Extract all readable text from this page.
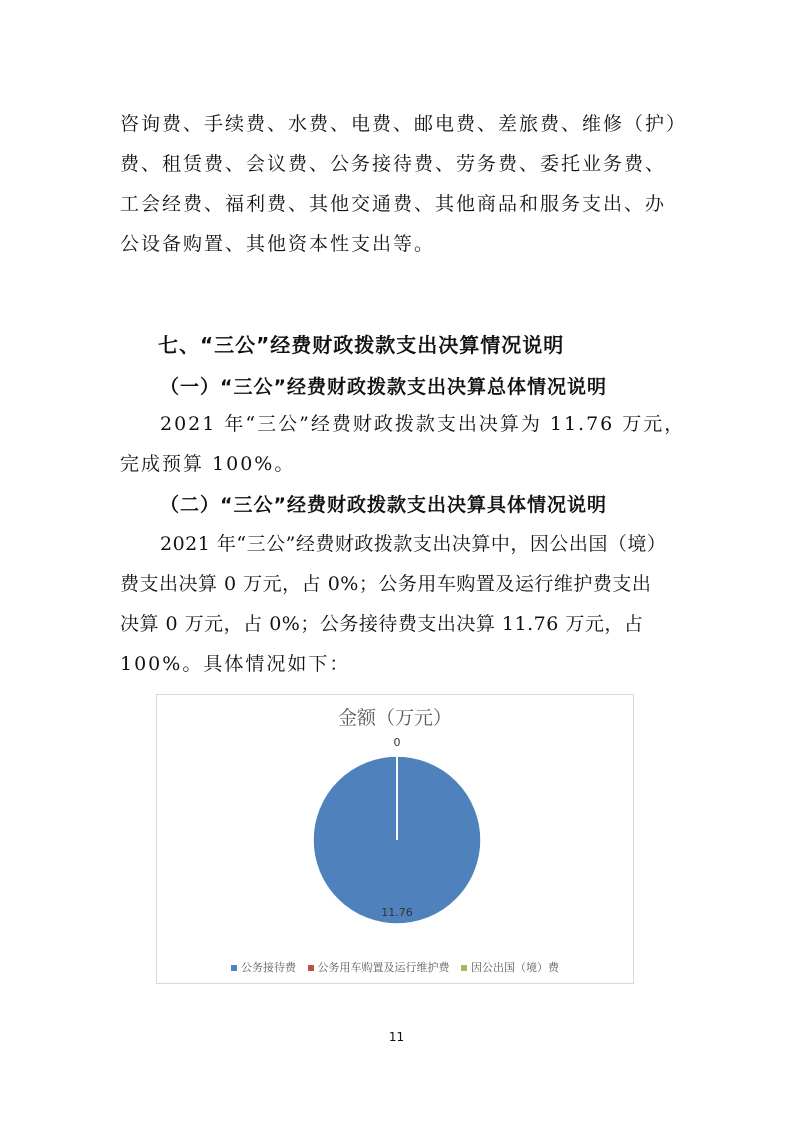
咨询费、手续费、水费、电费、邮电费、差旅费、维修（护）

费、租赁费、会议费、公务接待费、劳务费、委托业务费、

工会经费、福利费、其他交通费、其他商品和服务支出、办

公设备购置、其他资本性支出等。

七、“三公”经费财政拨款支出决算情况说明
（一）“三公”经费财政拨款支出决算总体情况说明

2021 年“三公”经费财政拨款支出决算为 11.76 万元，

完成预算 100%。

（二）“三公”经费财政拨款支出决算具体情况说明

2021 年“三公”经费财政拨款支出决算中，因公出国（境）

费支出决算 0 万元，占 0%；公务用车购置及运行维护费支出

决算 0 万元，占 0%；公务接待费支出决算 11.76 万元，占

100%。具体情况如下：

金额（万元）
11.76
0
公务接待费 公务用车购置及运行维护费 因公出国（境）费
11
